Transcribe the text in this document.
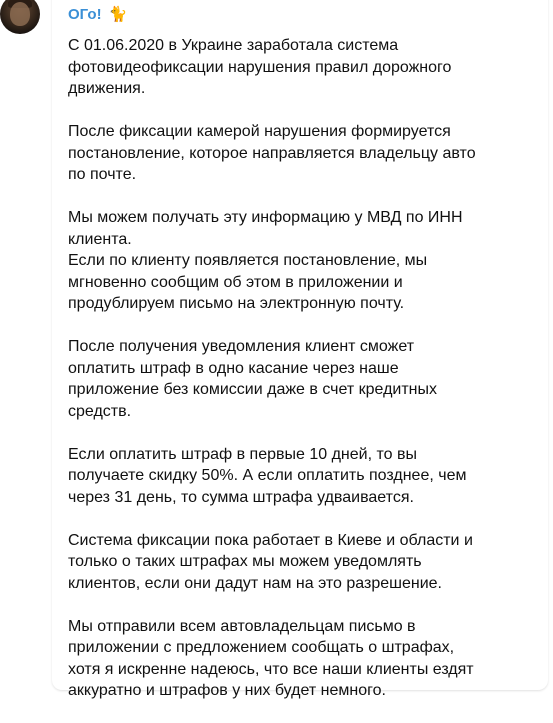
ОГо! 🐈

С 01.06.2020 в Украине заработала система
фотовидеофиксации нарушения правил дорожного
движения.

После фиксации камерой нарушения формируется
постановление, которое направляется владельцу авто
по почте.

Мы можем получать эту информацию у МВД по ИНН
клиента.
Если по клиенту появляется постановление, мы
мгновенно сообщим об этом в приложении и
продублируем письмо на электронную почту.

После получения уведомления клиент сможет
оплатить штраф в одно касание через наше
приложение без комиссии даже в счет кредитных
средств.

Если оплатить штраф в первые 10 дней, то вы
получаете скидку 50%. А если оплатить позднее, чем
через 31 день, то сумма штрафа удваивается.

Система фиксации пока работает в Киеве и области и
только о таких штрафах мы можем уведомлять
клиентов, если они дадут нам на это разрешение.

Мы отправили всем автовладельцам письмо в
приложении с предложением сообщать о штрафах,
хотя я искренне надеюсь, что все наши клиенты ездят
аккуратно и штрафов у них будет немного.
